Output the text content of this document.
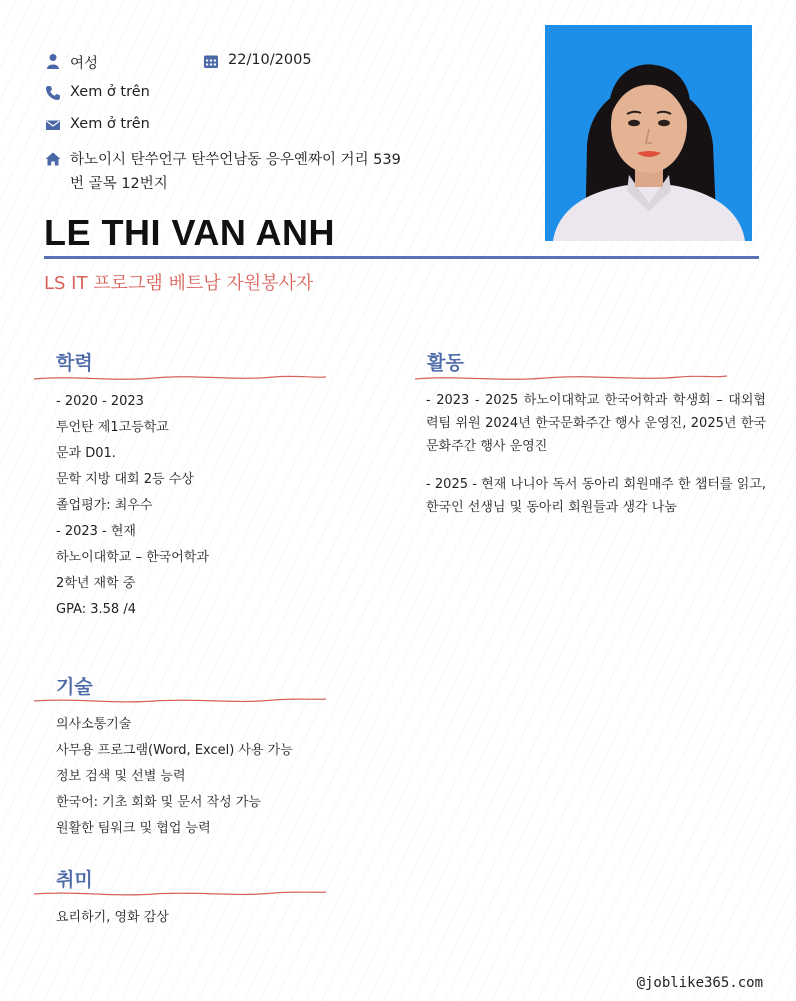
여성	22/10/2005
Xem ở trên
Xem ở trên
하노이시 탄쑤언구 탄쑤언남동 응우옌짜이 거리 539
번 골목 12번지
LE THI VAN ANH
LS IT 프로그램 베트남 자원봉사자
학력
- 2020 - 2023
투언탄 제1고등학교
문과 D01.
문학 지방 대회 2등 수상
졸업평가: 최우수
- 2023 - 현재
하노이대학교 – 한국어학과
2학년 재학 중
GPA: 3.58 /4
활동
- 2023 - 2025 하노이대학교 한국어학과 학생회 – 대외협력팀 위원 2024년 한국문화주간 행사 운영진, 2025년 한국문화주간 행사 운영진
- 2025 - 현재 나니아 독서 동아리 회원매주 한 챕터를 읽고, 한국인 선생님 및 동아리 회원들과 생각 나눔
기술
의사소통기술
사무용 프로그램(Word, Excel) 사용 가능
정보 검색 및 선별 능력
한국어: 기초 회화 및 문서 작성 가능
원활한 팀워크 및 협업 능력
취미
요리하기, 영화 감상
@joblike365.com
